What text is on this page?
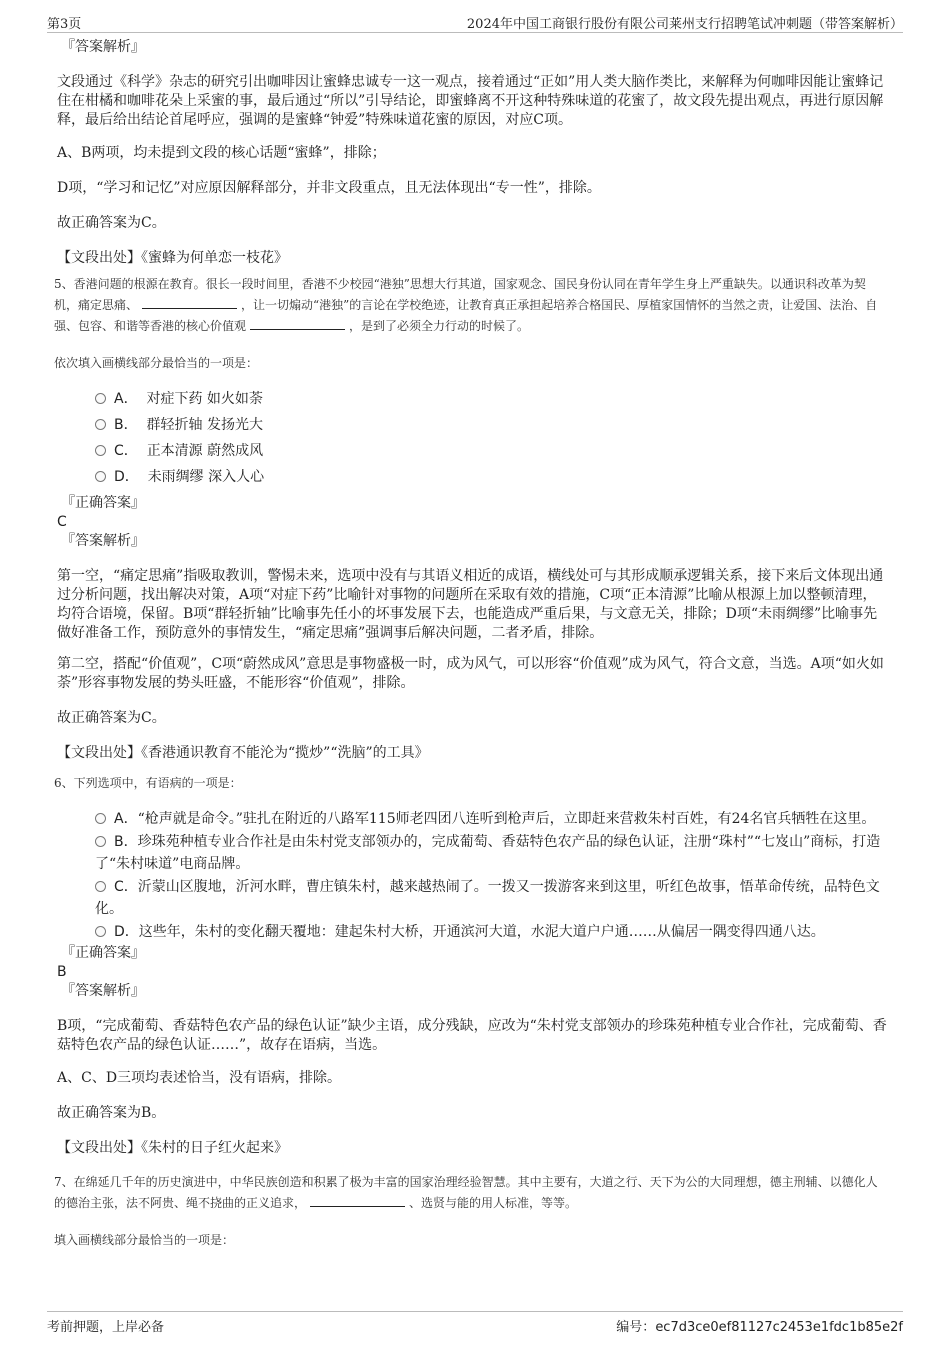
第3页	2024年中国工商银行股份有限公司莱州支行招聘笔试冲刺题（带答案解析）
『答案解析』

文段通过《科学》杂志的研究引出咖啡因让蜜蜂忠诚专一这一观点，接着通过“正如”用人类大脑作类比，来解释为何咖啡因能让蜜蜂记住在柑橘和咖啡花朵上采蜜的事，最后通过“所以”引导结论，即蜜蜂离不开这种特殊味道的花蜜了，故文段先提出观点，再进行原因解释，最后给出结论首尾呼应，强调的是蜜蜂“钟爱”特殊味道花蜜的原因，对应C项。

A、B两项，均未提到文段的核心话题“蜜蜂”，排除；

D项，“学习和记忆”对应原因解释部分，并非文段重点，且无法体现出“专一性”，排除。

故正确答案为C。

【文段出处】《蜜蜂为何单恋一枝花》

5、香港问题的根源在教育。很长一段时间里，香港不少校园“港独”思想大行其道，国家观念、国民身份认同在青年学生身上严重缺失。以通识科改革为契机，痛定思痛、	，让一切煽动“港独”的言论在学校绝迹，让教育真正承担起培养合格国民、厚植家国情怀的当然之责，让爱国、法治、自强、包容、和谐等香港的核心价值观	，是到了必须全力行动的时候了。

依次填入画横线部分最恰当的一项是：

A． 对症下药 如火如荼
B． 群轻折轴 发扬光大
C． 正本清源 蔚然成风
D． 未雨绸缪 深入人心
『正确答案』
C
『答案解析』

第一空，“痛定思痛”指吸取教训，警惕未来，选项中没有与其语义相近的成语，横线处可与其形成顺承逻辑关系，接下来后文体现出通过分析问题，找出解决对策，A项“对症下药”比喻针对事物的问题所在采取有效的措施，C项“正本清源”比喻从根源上加以整顿清理，均符合语境，保留。B项“群轻折轴”比喻事先任小的坏事发展下去，也能造成严重后果，与文意无关，排除；D项“未雨绸缪”比喻事先做好准备工作，预防意外的事情发生，“痛定思痛”强调事后解决问题，二者矛盾，排除。

第二空，搭配“价值观”，C项“蔚然成风”意思是事物盛极一时，成为风气，可以形容“价值观”成为风气，符合文意，当选。A项“如火如荼”形容事物发展的势头旺盛，不能形容“价值观”，排除。

故正确答案为C。

【文段出处】《香港通识教育不能沦为“揽炒”“洗脑”的工具》

6、下列选项中，有语病的一项是：

A．“枪声就是命令。”驻扎在附近的八路军115师老四团八连听到枪声后，立即赶来营救朱村百姓，有24名官兵牺牲在这里。
B．珍珠苑种植专业合作社是由朱村党支部领办的，完成葡萄、香菇特色农产品的绿色认证，注册“珠村”“七岌山”商标，打造了“朱村味道”电商品牌。
C．沂蒙山区腹地，沂河水畔，曹庄镇朱村，越来越热闹了。一拨又一拨游客来到这里，听红色故事，悟革命传统，品特色文化。
D．这些年，朱村的变化翻天覆地：建起朱村大桥，开通滨河大道，水泥大道户户通……从偏居一隅变得四通八达。
『正确答案』
B
『答案解析』

B项，“完成葡萄、香菇特色农产品的绿色认证”缺少主语，成分残缺，应改为“朱村党支部领办的珍珠苑种植专业合作社，完成葡萄、香菇特色农产品的绿色认证……”，故存在语病，当选。

A、C、D三项均表述恰当，没有语病，排除。

故正确答案为B。

【文段出处】《朱村的日子红火起来》

7、在绵延几千年的历史演进中，中华民族创造和积累了极为丰富的国家治理经验智慧。其中主要有，大道之行、天下为公的大同理想，德主刑辅、以德化人的德治主张，法不阿贵、绳不挠曲的正义追求，	、选贤与能的用人标准，等等。

填入画横线部分最恰当的一项是：

考前押题，上岸必备	编号：ec7d3ce0ef81127c2453e1fdc1b85e2f
